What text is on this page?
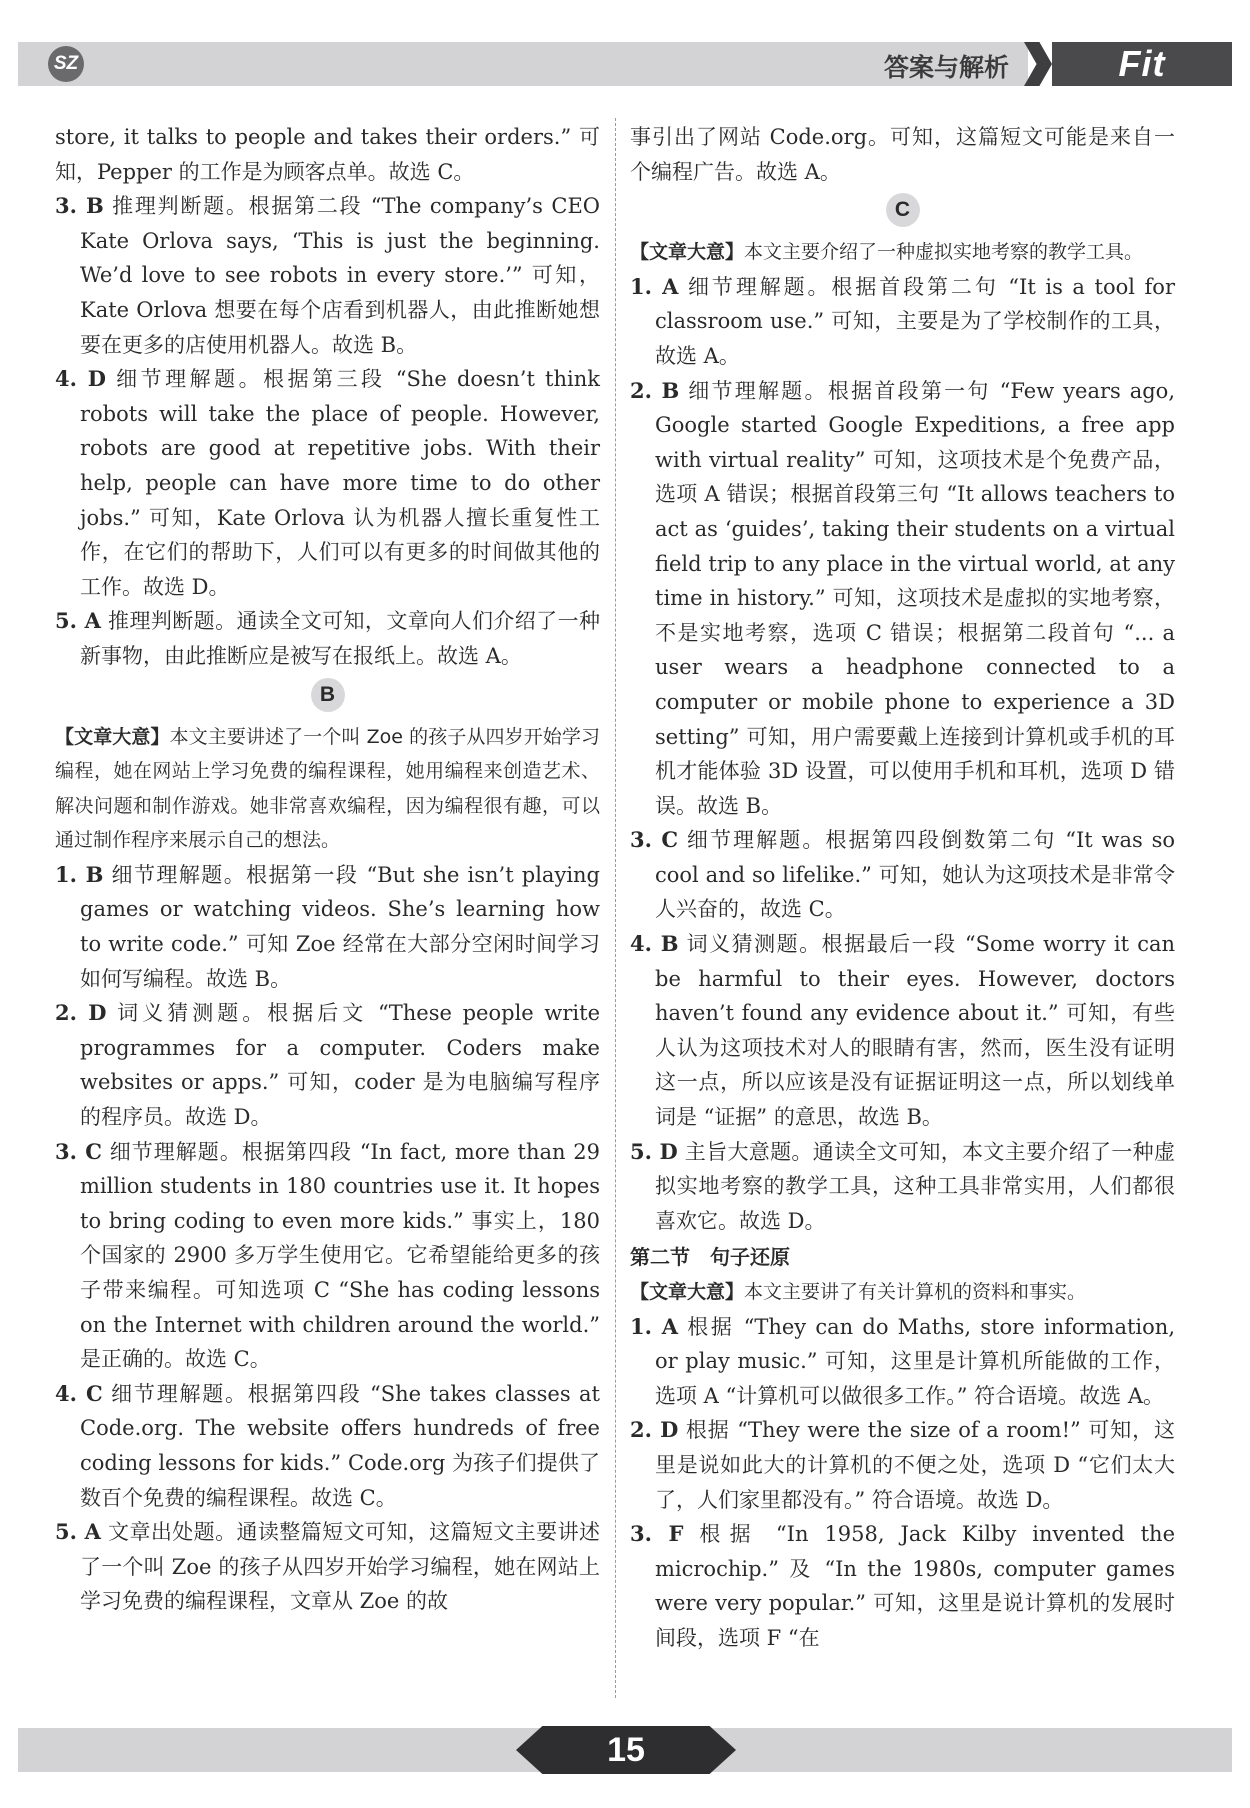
SZ	答案与解析	Fit

store, it talks to people and takes their orders.” 可知，Pepper 的工作是为顾客点单。故选 C。

3. B 推理判断题。根据第二段 “The company’s CEO Kate Orlova says, ‘This is just the beginning. We’d love to see robots in every store.’” 可知，Kate Orlova 想要在每个店看到机器人，由此推断她想要在更多的店使用机器人。故选 B。

4. D 细节理解题。根据第三段 “She doesn’t think robots will take the place of people. However, robots are good at repetitive jobs. With their help, people can have more time to do other jobs.” 可知，Kate Orlova 认为机器人擅长重复性工作，在它们的帮助下，人们可以有更多的时间做其他的工作。故选 D。

5. A 推理判断题。通读全文可知，文章向人们介绍了一种新事物，由此推断应是被写在报纸上。故选 A。

B

【文章大意】本文主要讲述了一个叫 Zoe 的孩子从四岁开始学习编程，她在网站上学习免费的编程课程，她用编程来创造艺术、解决问题和制作游戏。她非常喜欢编程，因为编程很有趣，可以通过制作程序来展示自己的想法。

1. B 细节理解题。根据第一段 “But she isn’t playing games or watching videos. She’s learning how to write code.” 可知 Zoe 经常在大部分空闲时间学习如何写编程。故选 B。

2. D 词义猜测题。根据后文 “These people write programmes for a computer. Coders make websites or apps.” 可知，coder 是为电脑编写程序的程序员。故选 D。

3. C 细节理解题。根据第四段 “In fact, more than 29 million students in 180 countries use it. It hopes to bring coding to even more kids.” 事实上，180 个国家的 2900 多万学生使用它。它希望能给更多的孩子带来编程。可知选项 C “She has coding lessons on the Internet with children around the world.” 是正确的。故选 C。

4. C 细节理解题。根据第四段 “She takes classes at Code.org. The website offers hundreds of free coding lessons for kids.” Code.org 为孩子们提供了数百个免费的编程课程。故选 C。

5. A 文章出处题。通读整篇短文可知，这篇短文主要讲述了一个叫 Zoe 的孩子从四岁开始学习编程，她在网站上学习免费的编程课程，文章从 Zoe 的故

事引出了网站 Code.org。可知，这篇短文可能是来自一个编程广告。故选 A。

C

【文章大意】本文主要介绍了一种虚拟实地考察的教学工具。

1. A 细节理解题。根据首段第二句 “It is a tool for classroom use.” 可知，主要是为了学校制作的工具，故选 A。

2. B 细节理解题。根据首段第一句 “Few years ago, Google started Google Expeditions, a free app with virtual reality” 可知，这项技术是个免费产品，选项 A 错误；根据首段第三句 “It allows teachers to act as ‘guides’, taking their students on a virtual field trip to any place in the virtual world, at any time in history.” 可知，这项技术是虚拟的实地考察，不是实地考察，选项 C 错误；根据第二段首句 “... a user wears a headphone connected to a computer or mobile phone to experience a 3D setting” 可知，用户需要戴上连接到计算机或手机的耳机才能体验 3D 设置，可以使用手机和耳机，选项 D 错误。故选 B。

3. C 细节理解题。根据第四段倒数第二句 “It was so cool and so lifelike.” 可知，她认为这项技术是非常令人兴奋的，故选 C。

4. B 词义猜测题。根据最后一段 “Some worry it can be harmful to their eyes. However, doctors haven’t found any evidence about it.” 可知，有些人认为这项技术对人的眼睛有害，然而，医生没有证明这一点，所以应该是没有证据证明这一点，所以划线单词是 “证据” 的意思，故选 B。

5. D 主旨大意题。通读全文可知，本文主要介绍了一种虚拟实地考察的教学工具，这种工具非常实用，人们都很喜欢它。故选 D。

第二节　句子还原

【文章大意】本文主要讲了有关计算机的资料和事实。

1. A 根据 “They can do Maths, store information, or play music.” 可知，这里是计算机所能做的工作，选项 A “计算机可以做很多工作。” 符合语境。故选 A。

2. D 根据 “They were the size of a room!” 可知，这里是说如此大的计算机的不便之处，选项 D “它们太大了，人们家里都没有。” 符合语境。故选 D。

3. F 根据 “In 1958, Jack Kilby invented the microchip.” 及 “In the 1980s, computer games were very popular.” 可知，这里是说计算机的发展时间段，选项 F “在

15
